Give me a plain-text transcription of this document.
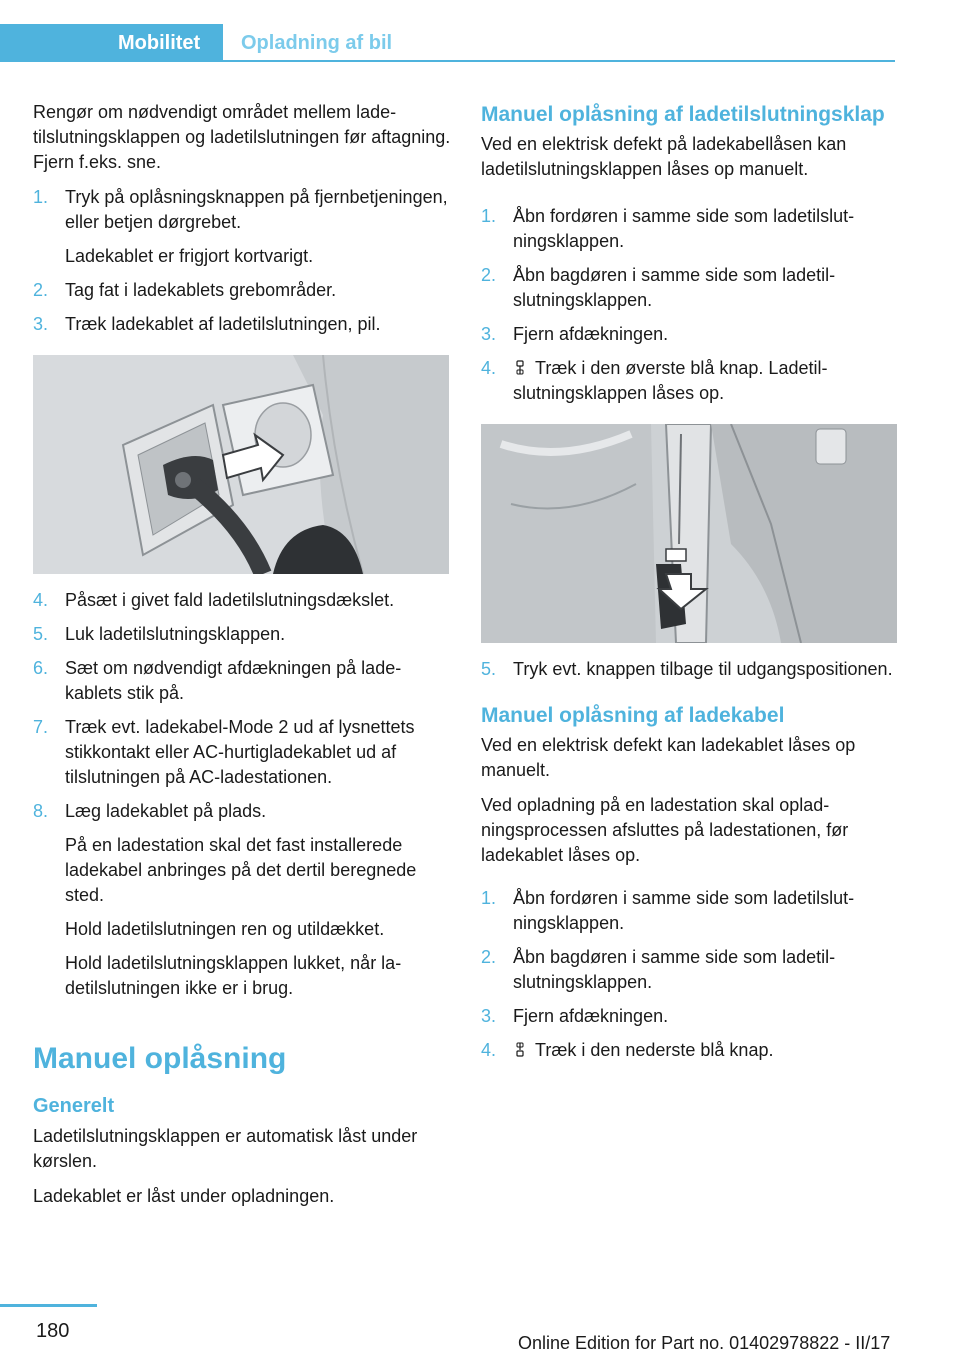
Mobilitet	Opladning af bil

Rengør om nødvendigt området mellem ladetilslutningsklappen og ladetilslutningen før aftagning. Fjern f.eks. sne.

1. Tryk på oplåsningsknappen på fjernbetjeningen, eller betjen dørgrebet.
Ladekablet er frigjort kortvarigt.
2. Tag fat i ladekablets grebområder.
3. Træk ladekablet af ladetilslutningen, pil.
4. Påsæt i givet fald ladetilslutningsdækslet.
5. Luk ladetilslutningsklappen.
6. Sæt om nødvendigt afdækningen på ladekablets stik på.
7. Træk evt. ladekabel-Mode 2 ud af lysnettets stikkontakt eller AC-hurtigladekablet ud af tilslutningen på AC-ladestationen.
8. Læg ladekablet på plads.
På en ladestation skal det fast installerede ladekabel anbringes på det dertil beregnede sted.
Hold ladetilslutningen ren og utildækket.
Hold ladetilslutningsklappen lukket, når ladetilslutningen ikke er i brug.
Manuel oplåsning
Generelt

Ladetilslutningsklappen er automatisk låst under kørslen.

Ladekablet er låst under opladningen.

Manuel oplåsning af ladetilslutningsklap

Ved en elektrisk defekt på ladekabellåsen kan ladetilslutningsklappen låses op manuelt.

1. Åbn fordøren i samme side som ladetilslutningsklappen.
2. Åbn bagdøren i samme side som ladetilslutningsklappen.
3. Fjern afdækningen.
4.	Træk i den øverste blå knap. Ladetilslutningsklappen låses op.
5. Tryk evt. knappen tilbage til udgangspositionen.
Manuel oplåsning af ladekabel

Ved en elektrisk defekt kan ladekablet låses op manuelt.

Ved opladning på en ladestation skal opladningsprocessen afsluttes på ladestationen, før ladekablet låses op.

1. Åbn fordøren i samme side som ladetilslutningsklappen.
2. Åbn bagdøren i samme side som ladetilslutningsklappen.
3. Fjern afdækningen.
4.	Træk i den nederste blå knap.
180
Online Edition for Part no. 01402978822 - II/17
